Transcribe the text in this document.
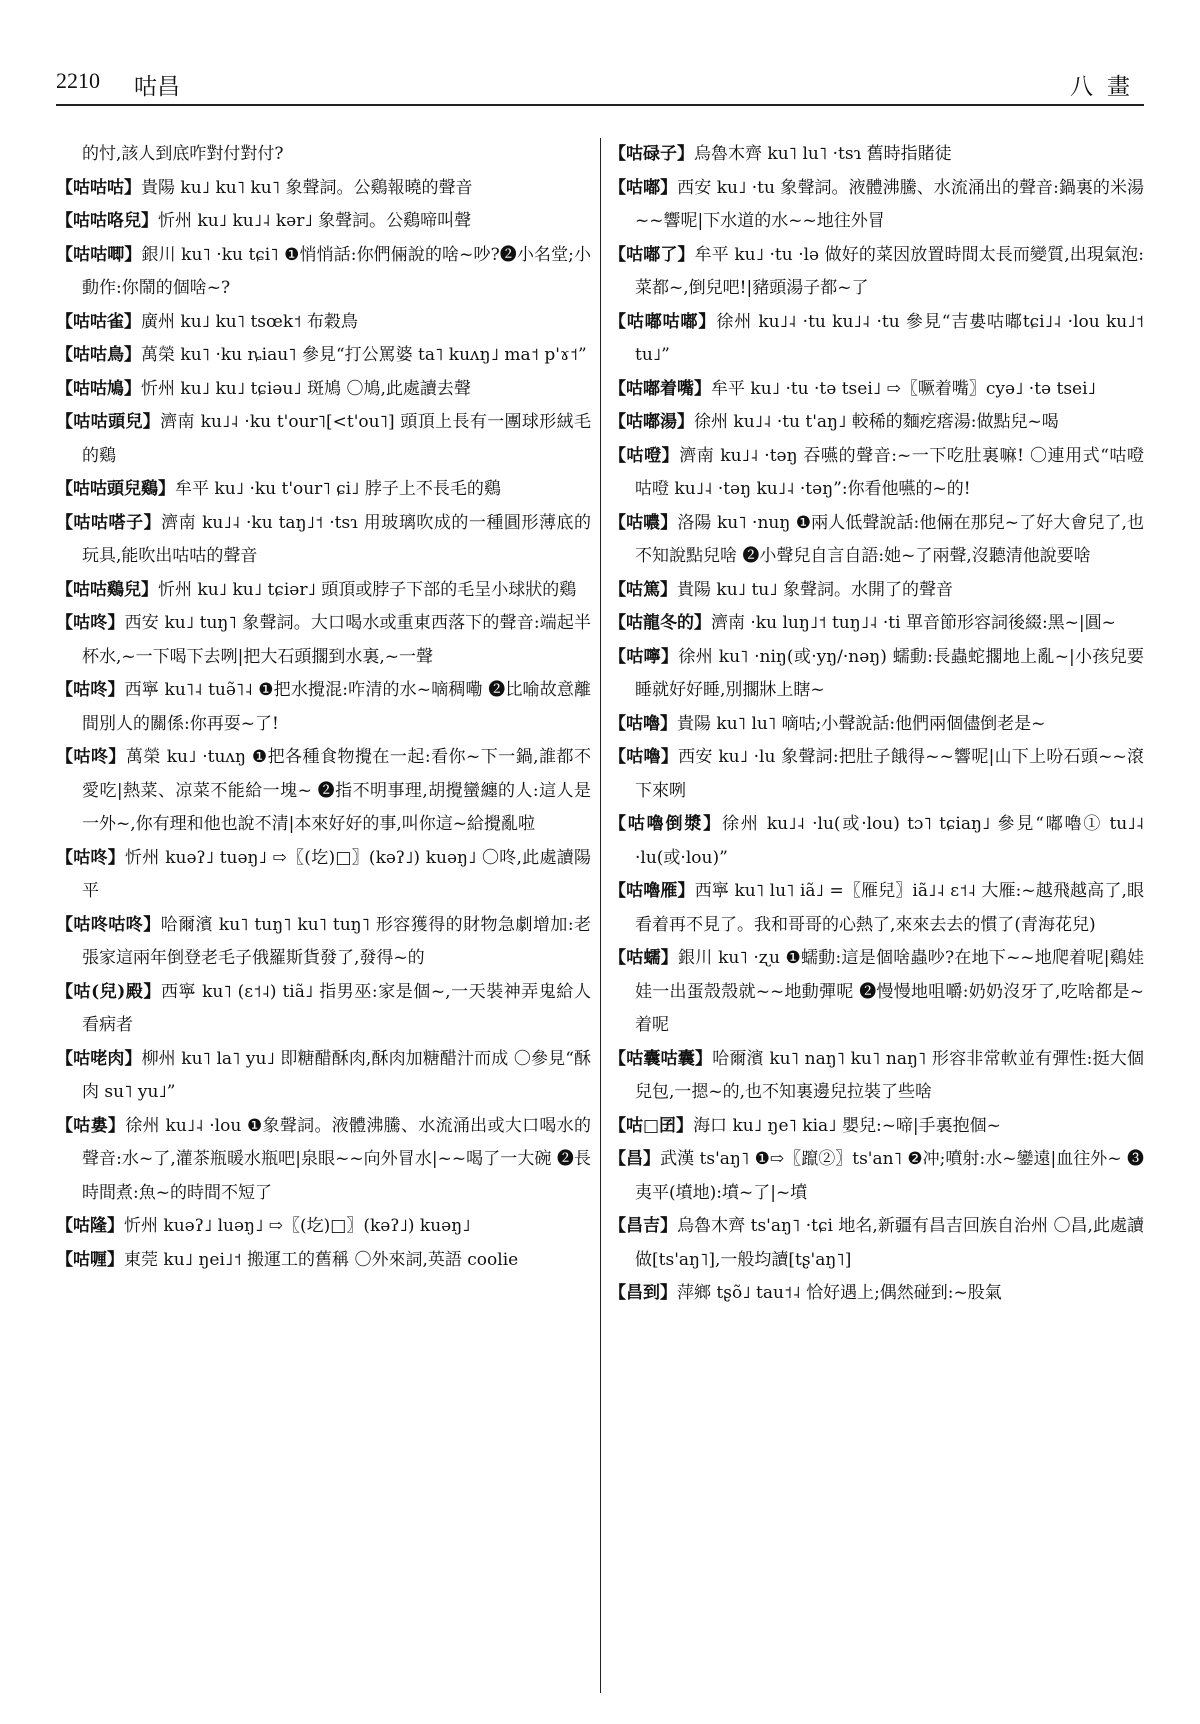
2210 咕昌	八畫

的忖,該人到底咋對付對付?

【咕咕咕】貴陽 ku˩ ku˥ ku˥ 象聲詞。公鷄報曉的聲音

【咕咕咯兒】忻州 ku˩ ku˩˨ kər˩ 象聲詞。公鷄啼叫聲

【咕咕唧】銀川 ku˥ ·ku tɕi˥ ❶悄悄話:你們倆說的啥~吵?❷小名堂;小動作:你鬧的個啥~?

【咕咕雀】廣州 ku˩ ku˥ tsœk˦ 布穀鳥

【咕咕鳥】萬榮 ku˥ ·ku ȵiau˥ 參見“打公罵婆 ta˥ kuʌŋ˩ ma˦ p'ɤ˦”

【咕咕鳩】忻州 ku˩ ku˩ tɕiəu˩ 斑鳩 〇鳩,此處讀去聲

【咕咕頭兒】濟南 ku˩˨ ·ku t'our˥[<t'ou˥] 頭頂上長有一團球形絨毛的鷄

【咕咕頭兒鷄】牟平 ku˩ ·ku t'our˥ ɕi˩ 脖子上不長毛的鷄

【咕咕嗒子】濟南 ku˩˨ ·ku taŋ˩˦ ·tsɿ 用玻璃吹成的一種圓形薄底的玩具,能吹出咕咕的聲音

【咕咕鷄兒】忻州 ku˩ ku˩ tɕiər˩ 頭頂或脖子下部的毛呈小球狀的鷄

【咕咚】西安 ku˩ tuŋ˥ 象聲詞。大口喝水或重東西落下的聲音:端起半杯水,~一下喝下去咧|把大石頭擱到水裏,~一聲

【咕咚】西寧 ku˥˨ tuə̃˥˨ ❶把水攪混:咋清的水~嘀稠嘞 ❷比喻故意離間別人的關係:你再耍~了!

【咕咚】萬榮 ku˩ ·tuʌŋ ❶把各種食物攪在一起:看你~下一鍋,誰都不愛吃|熱菜、凉菜不能給一塊~ ❷指不明事理,胡攪蠻纏的人:這人是一外~,你有理和他也說不清|本來好好的事,叫你這~給攪亂啦

【咕咚】忻州 kuəʔ˩ tuəŋ˩ ⇨〖(圪)□〗(kəʔ˩) kuəŋ˩ 〇咚,此處讀陽平

【咕咚咕咚】哈爾濱 ku˥ tuŋ˥ ku˥ tuŋ˥ 形容獲得的財物急劇增加:老張家這兩年倒登老毛子俄羅斯貨發了,發得~的

【咕(兒)殿】西寧 ku˥ (ɛ˦˨) tiã˩ 指男巫:家是個~,一天裝神弄鬼給人看病者

【咕咾肉】柳州 ku˥ la˥ yu˩ 即糖醋酥肉,酥肉加糖醋汁而成 〇參見“酥肉 su˥ yu˩”

【咕婁】徐州 ku˩˨ ·lou ❶象聲詞。液體沸騰、水流涌出或大口喝水的聲音:水~了,灌茶瓶暖水瓶吧|泉眼~~向外冒水|~~喝了一大碗 ❷長時間煮:魚~的時間不短了

【咕隆】忻州 kuəʔ˩ luəŋ˩ ⇨〖(圪)□〗(kəʔ˩) kuəŋ˩

【咕喱】東莞 ku˩ ŋei˩˦ 搬運工的舊稱 〇外來詞,英語 coolie

【咕碌子】烏魯木齊 ku˥ lu˥ ·tsɿ 舊時指賭徒

【咕嘟】西安 ku˩ ·tu 象聲詞。液體沸騰、水流涌出的聲音:鍋裏的米湯~~響呢|下水道的水~~地往外冒

【咕嘟了】牟平 ku˩ ·tu ·lə 做好的菜因放置時間太長而變質,出現氣泡:菜都~,倒兒吧!|豬頭湯子都~了

【咕嘟咕嘟】徐州 ku˩˨ ·tu ku˩˨ ·tu 參見“吉婁咕嘟tɕi˩˨ ·lou ku˩˦ tu˩”

【咕嘟着嘴】牟平 ku˩ ·tu ·tə tsei˩ ⇨〖噘着嘴〗cyə˩ ·tə tsei˩

【咕嘟湯】徐州 ku˩˨ ·tu t'aŋ˩ 較稀的麵疙瘩湯:做點兒~喝

【咕噔】濟南 ku˩˨ ·təŋ 吞嚥的聲音:~一下吃肚裏嘛! 〇連用式“咕噔咕噔 ku˩˨ ·təŋ ku˩˨ ·təŋ”:你看他嚥的~的!

【咕噥】洛陽 ku˥ ·nuŋ ❶兩人低聲說話:他倆在那兒~了好大會兒了,也不知說點兒啥 ❷小聲兒自言自語:她~了兩聲,沒聽清他說要啥

【咕篤】貴陽 ku˩ tu˩ 象聲詞。水開了的聲音

【咕龍冬的】濟南 ·ku luŋ˩˦ tuŋ˩˨ ·ti 單音節形容詞後綴:黑~|圓~

【咕嚀】徐州 ku˥ ·niŋ(或·yŋ/·nəŋ) 蠕動:長蟲蛇擱地上亂~|小孩兒要睡就好好睡,別擱牀上瞎~

【咕嚕】貴陽 ku˥ lu˥ 嘀咕;小聲說話:他們兩個儘倒老是~

【咕嚕】西安 ku˩ ·lu 象聲詞:把肚子餓得~~響呢|山下上吩石頭~~滾下來咧

【咕嚕倒漿】徐州 ku˩˨ ·lu(或·lou) tɔ˥ tɕiaŋ˩ 參見“嘟嚕① tu˩˨ ·lu(或·lou)”

【咕嚕雁】西寧 ku˥ lu˥ iã˩ =〖雁兒〗iã˩˨ ɛ˦˨ 大雁:~越飛越高了,眼看着再不見了。我和哥哥的心熱了,來來去去的慣了(青海花兒)

【咕蠕】銀川 ku˥ ·ʐu ❶蠕動:這是個啥蟲吵?在地下~~地爬着呢|鷄娃娃一出蛋殼殼就~~地動彈呢 ❷慢慢地咀嚼:奶奶沒牙了,吃啥都是~着呢

【咕囊咕囊】哈爾濱 ku˥ naŋ˥ ku˥ naŋ˥ 形容非常軟並有彈性:挺大個兒包,一摁~的,也不知裏邊兒拉裝了些啥

【咕□囝】海口 ku˩ ŋe˥ kia˩ 嬰兒:~啼|手裏抱個~

【昌】武漢 ts'aŋ˥ ❶⇨〖躥②〗ts'an˥ ❷冲;噴射:水~鑾遠|血往外~ ❸夷平(墳地):墳~了|~墳

【昌吉】烏魯木齊 ts'aŋ˥ ·tɕi 地名,新疆有昌吉回族自治州 〇昌,此處讀做[ts'aŋ˥],一般均讀[tʂ'aŋ˥]

【昌到】萍鄉 tʂõ˩ tau˦˨ 恰好遇上;偶然碰到:~股氣
